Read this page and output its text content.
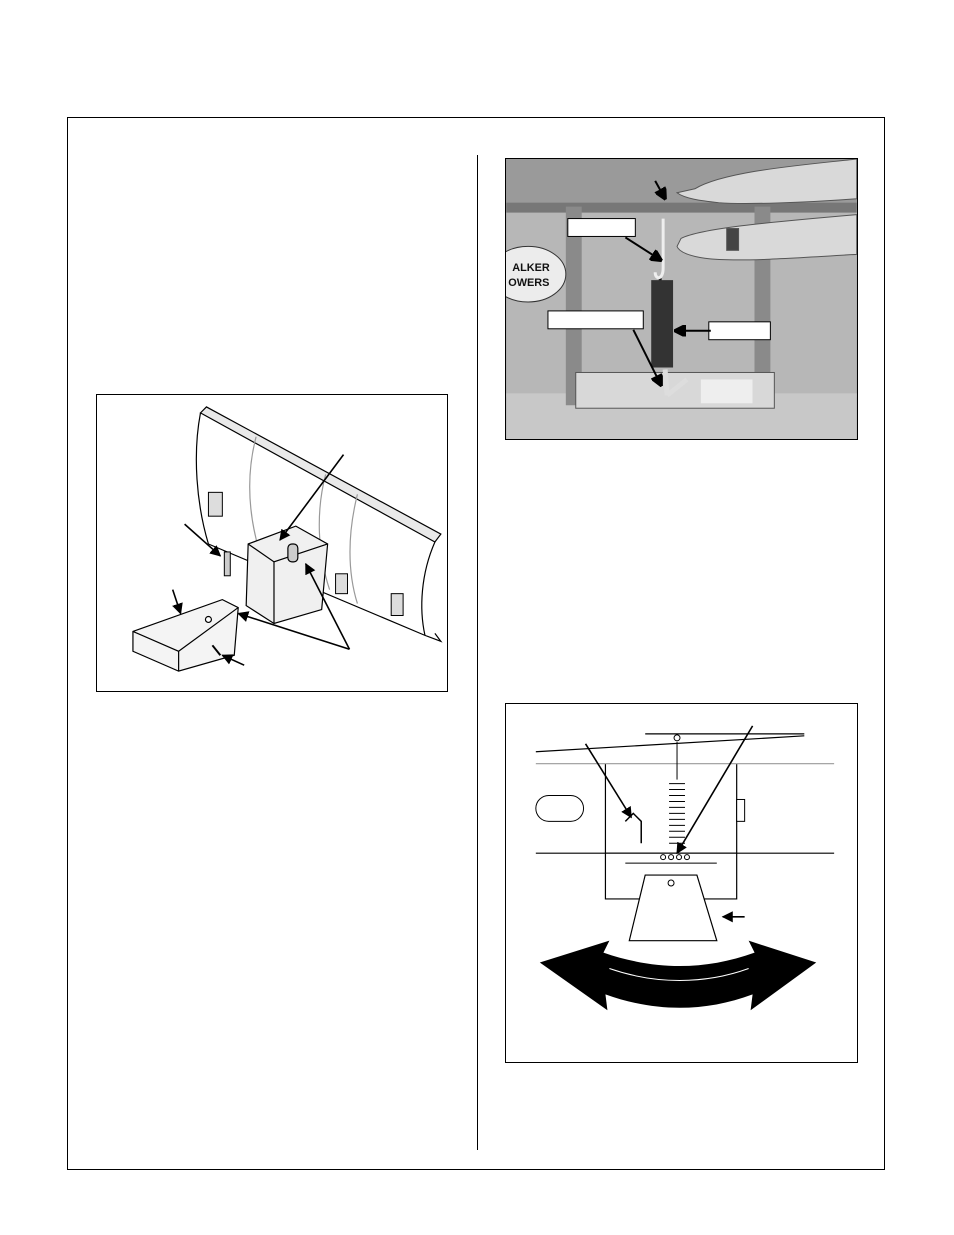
ALKER
OWERS
